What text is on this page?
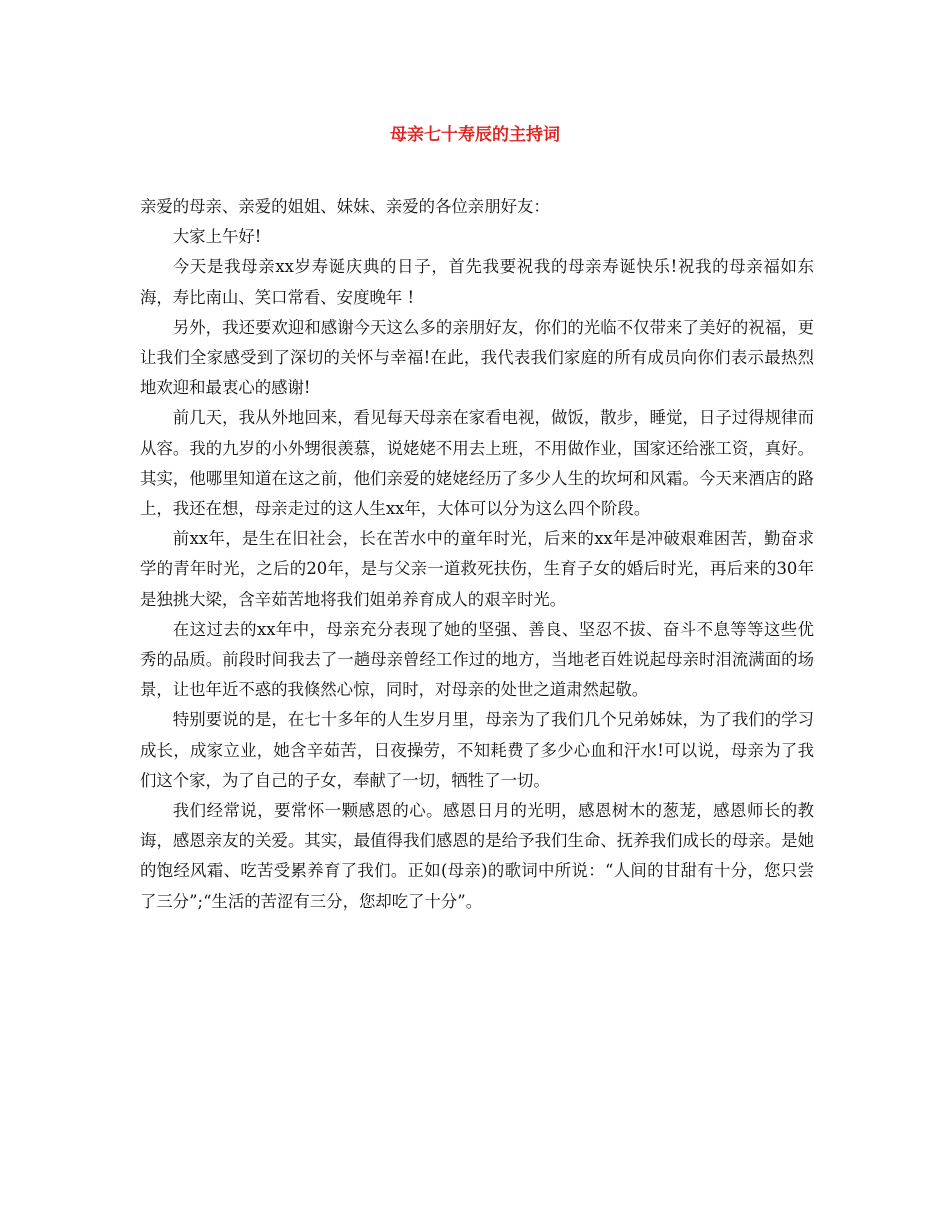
母亲七十寿辰的主持词

亲爱的母亲、亲爱的姐姐、妹妹、亲爱的各位亲朋好友：

大家上午好!

今天是我母亲xx岁寿诞庆典的日子，首先我要祝我的母亲寿诞快乐!祝我的母亲福如东海，寿比南山、笑口常看、安度晚年 !

另外，我还要欢迎和感谢今天这么多的亲朋好友，你们的光临不仅带来了美好的祝福，更让我们全家感受到了深切的关怀与幸福!在此，我代表我们家庭的所有成员向你们表示最热烈地欢迎和最衷心的感谢!

前几天，我从外地回来，看见每天母亲在家看电视，做饭，散步，睡觉，日子过得规律而从容。我的九岁的小外甥很羡慕，说姥姥不用去上班，不用做作业，国家还给涨工资，真好。其实，他哪里知道在这之前，他们亲爱的姥姥经历了多少人生的坎坷和风霜。今天来酒店的路上，我还在想，母亲走过的这人生xx年，大体可以分为这么四个阶段。

前xx年，是生在旧社会，长在苦水中的童年时光，后来的xx年是冲破艰难困苦，勤奋求学的青年时光，之后的20年，是与父亲一道救死扶伤，生育子女的婚后时光，再后来的30年是独挑大梁，含辛茹苦地将我们姐弟养育成人的艰辛时光。

在这过去的xx年中，母亲充分表现了她的坚强、善良、坚忍不拔、奋斗不息等等这些优秀的品质。前段时间我去了一趟母亲曾经工作过的地方，当地老百姓说起母亲时泪流满面的场景，让也年近不惑的我倏然心惊，同时，对母亲的处世之道肃然起敬。

特别要说的是，在七十多年的人生岁月里，母亲为了我们几个兄弟姊妹，为了我们的学习成长，成家立业，她含辛茹苦，日夜操劳，不知耗费了多少心血和汗水!可以说，母亲为了我们这个家，为了自己的子女，奉献了一切，牺牲了一切。

我们经常说，要常怀一颗感恩的心。感恩日月的光明，感恩树木的葱茏，感恩师长的教诲，感恩亲友的关爱。其实，最值得我们感恩的是给予我们生命、抚养我们成长的母亲。是她的饱经风霜、吃苦受累养育了我们。正如(母亲)的歌词中所说：“人间的甘甜有十分，您只尝了三分”;“生活的苦涩有三分，您却吃了十分”。
